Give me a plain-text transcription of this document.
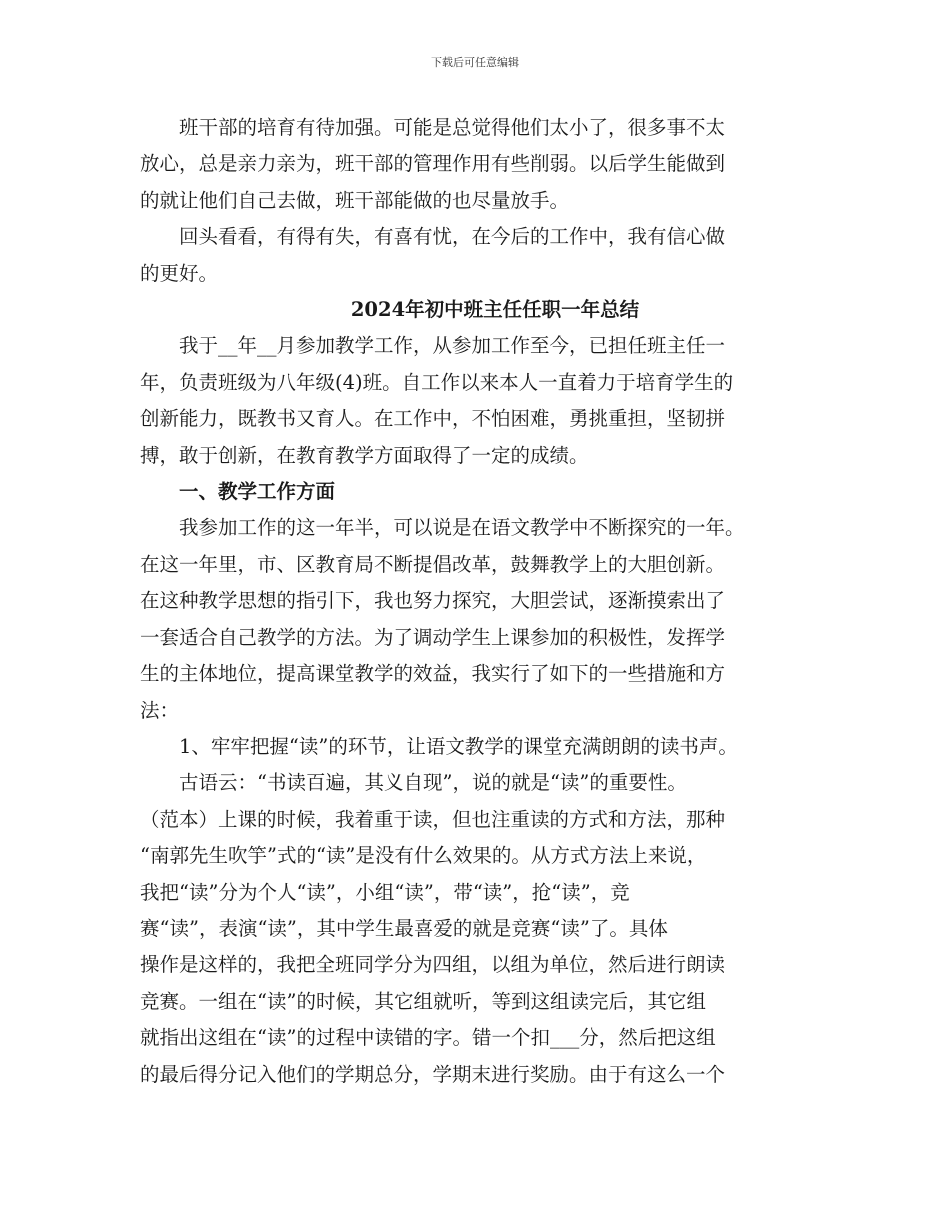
下载后可任意编辑

班干部的培育有待加强。可能是总觉得他们太小了，很多事不太

放心，总是亲力亲为，班干部的管理作用有些削弱。以后学生能做到

的就让他们自己去做，班干部能做的也尽量放手。

回头看看，有得有失，有喜有忧，在今后的工作中，我有信心做

的更好。

2024年初中班主任任职一年总结

我于__年__月参加教学工作，从参加工作至今，已担任班主任一

年，负责班级为八年级(4)班。自工作以来本人一直着力于培育学生的

创新能力，既教书又育人。在工作中，不怕困难，勇挑重担，坚韧拼

搏，敢于创新，在教育教学方面取得了一定的成绩。

一、教学工作方面

我参加工作的这一年半，可以说是在语文教学中不断探究的一年。

在这一年里，市、区教育局不断提倡改革，鼓舞教学上的大胆创新。

在这种教学思想的指引下，我也努力探究，大胆尝试，逐渐摸索出了

一套适合自己教学的方法。为了调动学生上课参加的积极性，发挥学

生的主体地位，提高课堂教学的效益，我实行了如下的一些措施和方

法：

1、牢牢把握“读”的环节，让语文教学的课堂充满朗朗的读书声。

古语云：“书读百遍，其义自现”，说的就是“读”的重要性。

（范本）上课的时候，我着重于读，但也注重读的方式和方法，那种

“南郭先生吹竽”式的“读”是没有什么效果的。从方式方法上来说，

我把“读”分为个人“读”，小组“读”，带“读”，抢“读”，竞

赛“读”，表演“读”，其中学生最喜爱的就是竞赛“读”了。具体

操作是这样的，我把全班同学分为四组，以组为单位，然后进行朗读

竞赛。一组在“读”的时候，其它组就听，等到这组读完后，其它组

就指出这组在“读”的过程中读错的字。错一个扣___分，然后把这组

的最后得分记入他们的学期总分，学期末进行奖励。由于有这么一个
